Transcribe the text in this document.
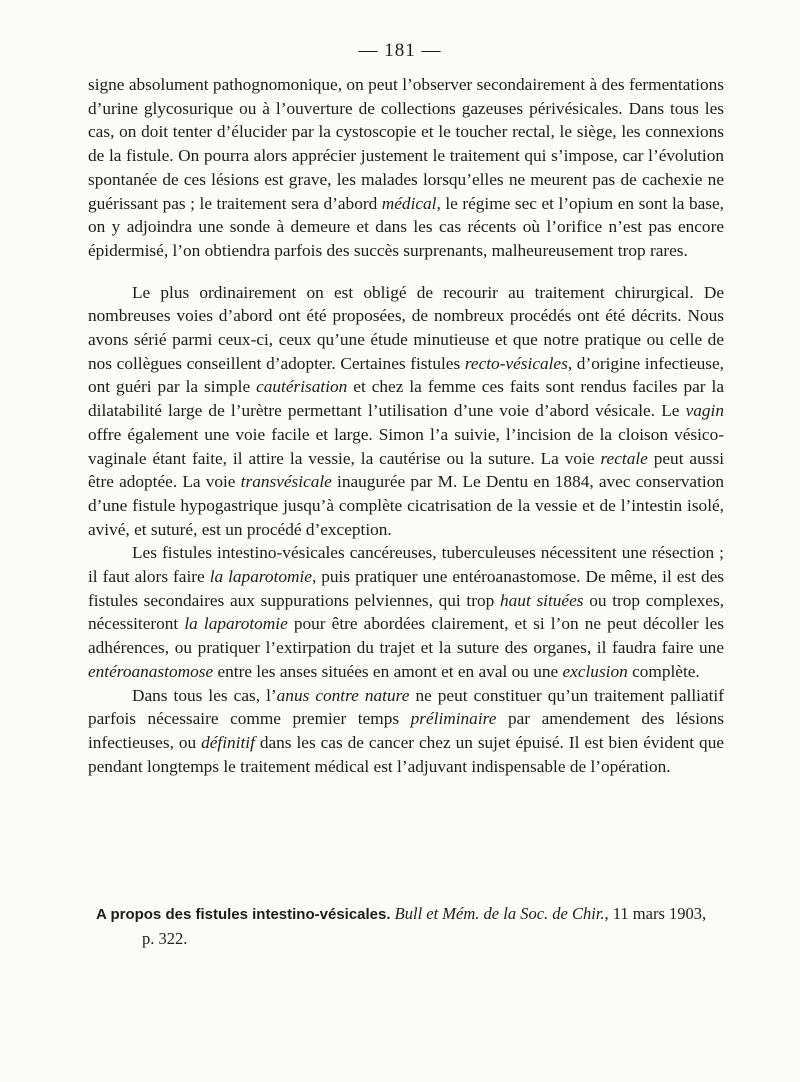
— 181 —

signe absolument pathognomonique, on peut l’observer secondairement à des fermentations d’urine glycosurique ou à l’ouverture de collections gazeuses périvésicales. Dans tous les cas, on doit tenter d’élucider par la cystoscopie et le toucher rectal, le siège, les connexions de la fistule. On pourra alors apprécier justement le traitement qui s’impose, car l’évolution spontanée de ces lésions est grave, les malades lorsqu’elles ne meurent pas de cachexie ne guérissant pas ; le traitement sera d’abord médical, le régime sec et l’opium en sont la base, on y adjoindra une sonde à demeure et dans les cas récents où l’orifice n’est pas encore épidermisé, l’on obtiendra parfois des succès surprenants, malheureusement trop rares.

Le plus ordinairement on est obligé de recourir au traitement chirurgical. De nombreuses voies d’abord ont été proposées, de nombreux procédés ont été décrits. Nous avons sérié parmi ceux-ci, ceux qu’une étude minutieuse et que notre pratique ou celle de nos collègues conseillent d’adopter. Certaines fistules recto-vésicales, d’origine infectieuse, ont guéri par la simple cautérisation et chez la femme ces faits sont rendus faciles par la dilatabilité large de l’urètre permettant l’utilisation d’une voie d’abord vésicale. Le vagin offre également une voie facile et large. Simon l’a suivie, l’incision de la cloison vésico-vaginale étant faite, il attire la vessie, la cautérise ou la suture. La voie rectale peut aussi être adoptée. La voie transvésicale inaugurée par M. Le Dentu en 1884, avec conservation d’une fistule hypogastrique jusqu’à complète cicatrisation de la vessie et de l’intestin isolé, avivé, et suturé, est un procédé d’exception.

Les fistules intestino-vésicales cancéreuses, tuberculeuses nécessitent une résection ; il faut alors faire la laparotomie, puis pratiquer une entéroanastomose. De même, il est des fistules secondaires aux suppurations pelviennes, qui trop haut situées ou trop complexes, nécessiteront la laparotomie pour être abordées clairement, et si l’on ne peut décoller les adhérences, ou pratiquer l’extirpation du trajet et la suture des organes, il faudra faire une entéroanastomose entre les anses situées en amont et en aval ou une exclusion complète.

Dans tous les cas, l’anus contre nature ne peut constituer qu’un traitement palliatif parfois nécessaire comme premier temps préliminaire par amendement des lésions infectieuses, ou définitif dans les cas de cancer chez un sujet épuisé. Il est bien évident que pendant longtemps le traitement médical est l’adjuvant indispensable de l’opération.

A propos des fistules intestino-vésicales. Bull et Mém. de la Soc. de Chir., 11 mars 1903,
p. 322.
